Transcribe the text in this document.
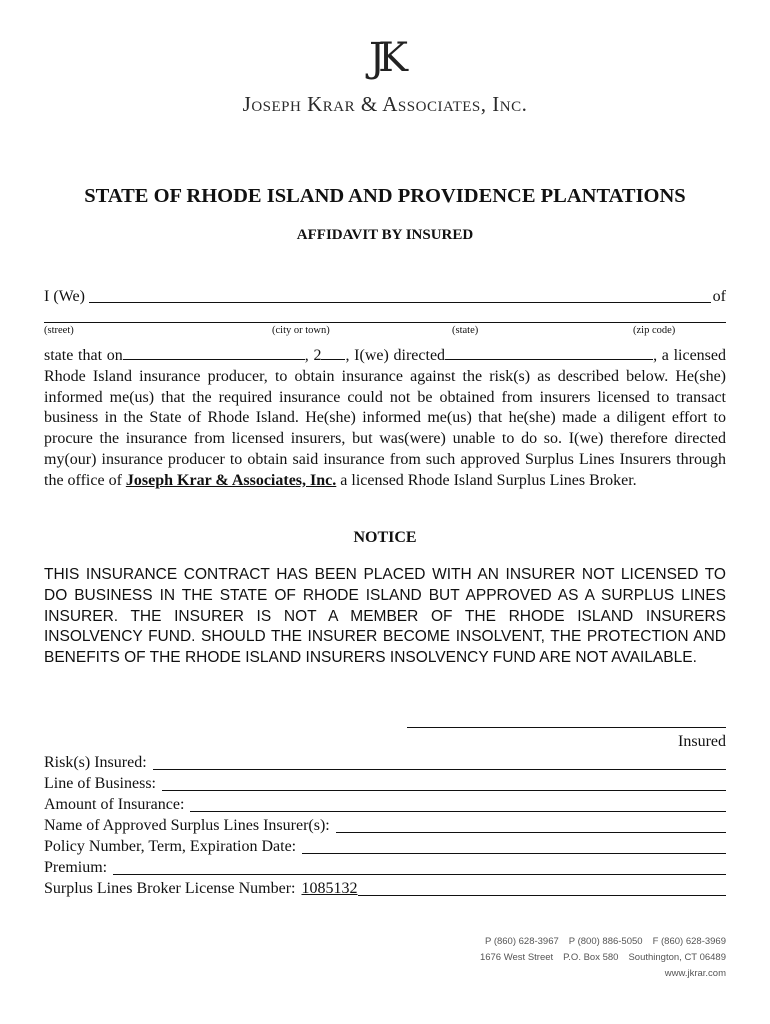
JK
Joseph Krar & Associates, Inc.
STATE OF RHODE ISLAND AND PROVIDENCE PLANTATIONS
AFFIDAVIT BY INSURED
I (We)	of
(street)	(city or town)	(state)	(zip code)

state that on	, 2 , I(we) directed	, a licensed Rhode Island insurance producer, to obtain insurance against the risk(s) as described below. He(she) informed me(us) that the required insurance could not be obtained from insurers licensed to transact business in the State of Rhode Island. He(she) informed me(us) that he(she) made a diligent effort to procure the insurance from licensed insurers, but was(were) unable to do so. I(we) therefore directed my(our) insurance producer to obtain said insurance from such approved Surplus Lines Insurers through the office of Joseph Krar & Associates, Inc. a licensed Rhode Island Surplus Lines Broker.

NOTICE

THIS INSURANCE CONTRACT HAS BEEN PLACED WITH AN INSURER NOT LICENSED TO DO BUSINESS IN THE STATE OF RHODE ISLAND BUT APPROVED AS A SURPLUS LINES INSURER. THE INSURER IS NOT A MEMBER OF THE RHODE ISLAND INSURERS INSOLVENCY FUND. SHOULD THE INSURER BECOME INSOLVENT, THE PROTECTION AND BENEFITS OF THE RHODE ISLAND INSURERS INSOLVENCY FUND ARE NOT AVAILABLE.

Insured
Risk(s) Insured:
Line of Business:
Amount of Insurance:
Name of Approved Surplus Lines Insurer(s):
Policy Number, Term, Expiration Date:
Premium:
Surplus Lines Broker License Number: 1085132
P (860) 628-3967 P (800) 886-5050 F (860) 628-3969
1676 West Street P.O. Box 580 Southington, CT 06489
www.jkrar.com
